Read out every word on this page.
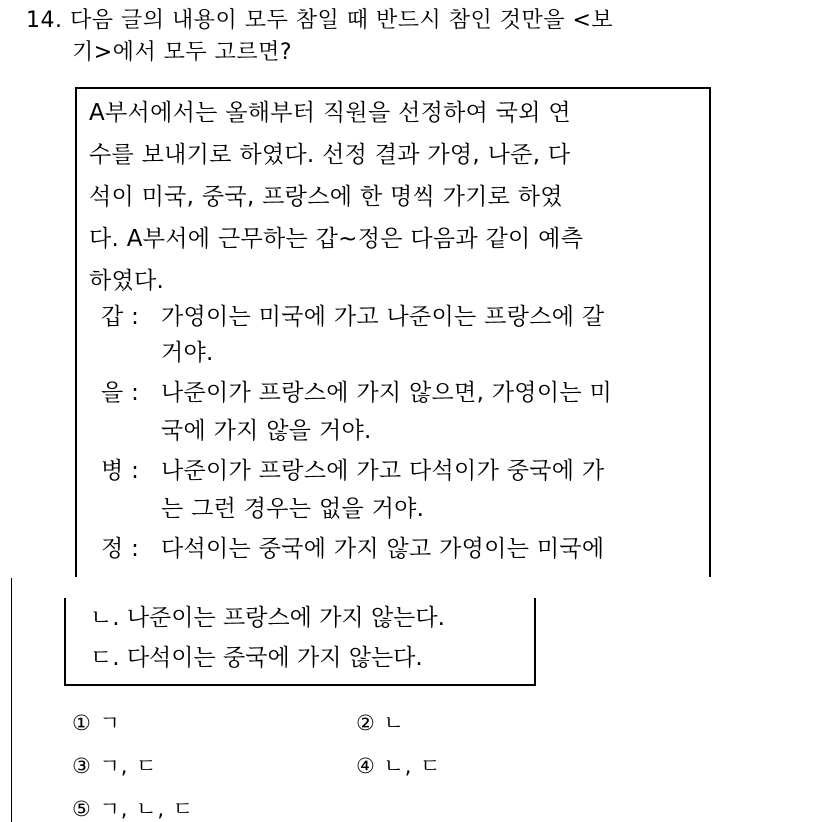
14. 다음 글의 내용이 모두 참일 때 반드시 참인 것만을 <보
기>에서 모두 고르면?
A부서에서는 올해부터 직원을 선정하여 국외 연
수를 보내기로 하였다. 선정 결과 가영, 나준, 다
석이 미국, 중국, 프랑스에 한 명씩 가기로 하였
다. A부서에 근무하는 갑~정은 다음과 같이 예측
하였다.
갑 : 가영이는 미국에 가고 나준이는 프랑스에 갈
거야.
을 : 나준이가 프랑스에 가지 않으면, 가영이는 미
국에 가지 않을 거야.
병 : 나준이가 프랑스에 가고 다석이가 중국에 가
는 그런 경우는 없을 거야.
정 : 다석이는 중국에 가지 않고 가영이는 미국에
ㄴ. 나준이는 프랑스에 가지 않는다.
ㄷ. 다석이는 중국에 가지 않는다.
① ㄱ	② ㄴ
③ ㄱ, ㄷ	④ ㄴ, ㄷ
⑤ ㄱ, ㄴ, ㄷ
